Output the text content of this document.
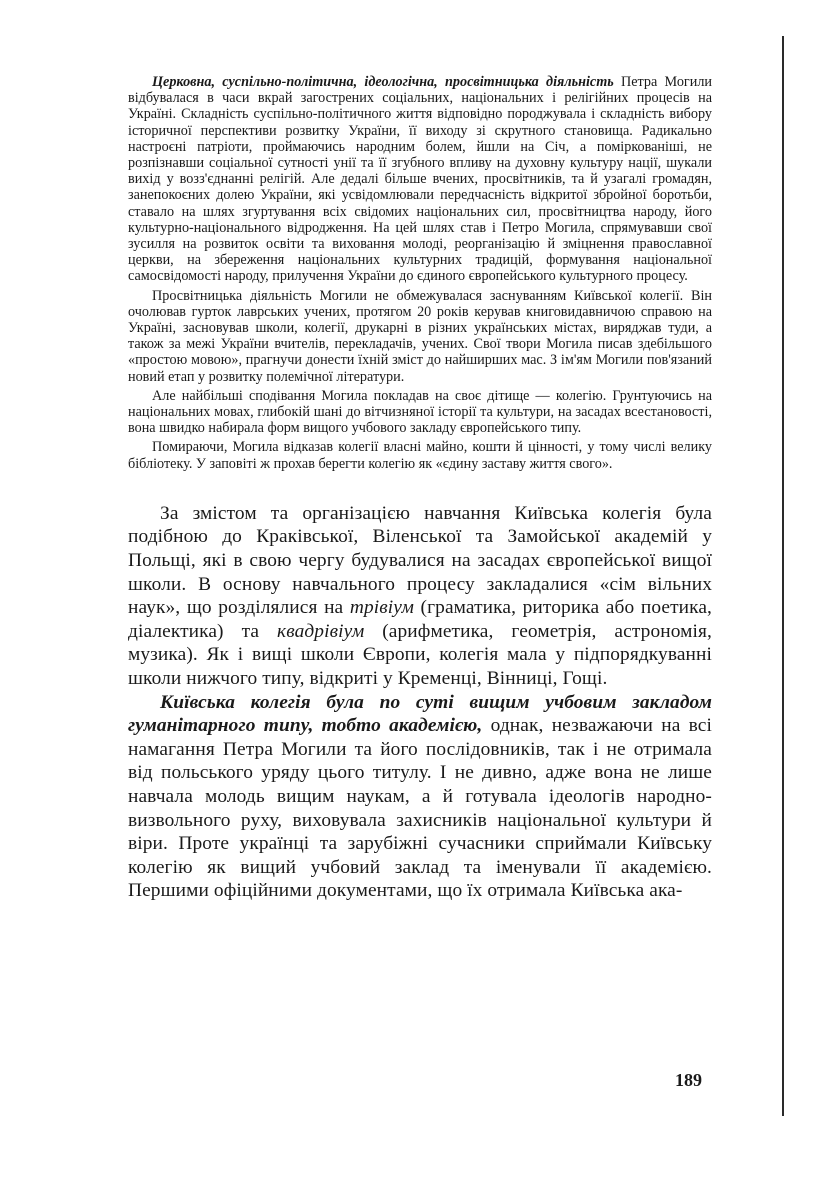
Церковна, суспільно-політична, ідеологічна, просвітницька діяльність Петра Могили відбувалася в часи вкрай загострених соціальних, національних і релігійних процесів на Україні. Складність суспільно-політичного життя відповідно породжувала і складність вибору історичної перспективи розвитку України, її виходу зі скрутного становища. Радикально настроєні патріоти, проймаючись народним болем, йшли на Січ, а поміркованіші, не розпізнавши соціальної сутності унії та її згубного впливу на духовну культуру нації, шукали вихід у возз'єднанні релігій. Але дедалі більше вчених, просвітників, та й узагалі громадян, занепокоєних долею України, які усвідомлювали передчасність відкритої збройної боротьби, ставало на шлях згуртування всіх свідомих національних сил, просвітництва народу, його культурно-національного відродження. На цей шлях став і Петро Могила, спрямувавши свої зусилля на розвиток освіти та виховання молоді, реорганізацію й зміцнення православної церкви, на збереження національних культурних традицій, формування національної самосвідомості народу, прилучення України до єдиного європейського культурного процесу.

Просвітницька діяльність Могили не обмежувалася заснуванням Київської колегії. Він очолював гурток лаврських учених, протягом 20 років керував книговидавничою справою на Україні, засновував школи, колегії, друкарні в різних українських містах, виряджав туди, а також за межі України вчителів, перекладачів, учених. Свої твори Могила писав здебільшого «простою мовою», прагнучи донести їхній зміст до найширших мас. З ім'ям Могили пов'язаний новий етап у розвитку полемічної літератури.

Але найбільші сподівання Могила покладав на своє дітище — колегію. Грунтуючись на національних мовах, глибокій шані до вітчизняної історії та культури, на засадах всестановості, вона швидко набирала форм вищого учбового закладу європейського типу.

Помираючи, Могила відказав колегії власні майно, кошти й цінності, у тому числі велику бібліотеку. У заповіті ж прохав берегти колегію як «єдину заставу життя свого».

За змістом та організацією навчання Київська колегія була подібною до Краківської, Віленської та Замойської академій у Польщі, які в свою чергу будувалися на засадах європейської вищої школи. В основу навчального процесу закладалися «сім вільних наук», що розділялися на трівіум (граматика, риторика або поетика, діалектика) та квадрівіум (арифметика, геометрія, астрономія, музика). Як і вищі школи Європи, колегія мала у підпорядкуванні школи нижчого типу, відкриті у Кременці, Вінниці, Гощі.

Київська колегія була по суті вищим учбовим закладом гуманітарного типу, тобто академією, однак, незважаючи на всі намагання Петра Могили та його послідовників, так і не отримала від польського уряду цього титулу. І не дивно, адже вона не лише навчала молодь вищим наукам, а й готувала ідеологів народно-визвольного руху, виховувала захисників національної культури й віри. Проте українці та зарубіжні сучасники сприймали Київську колегію як вищий учбовий заклад та іменували її академією. Першими офіційними документами, що їх отримала Київська ака-

189
